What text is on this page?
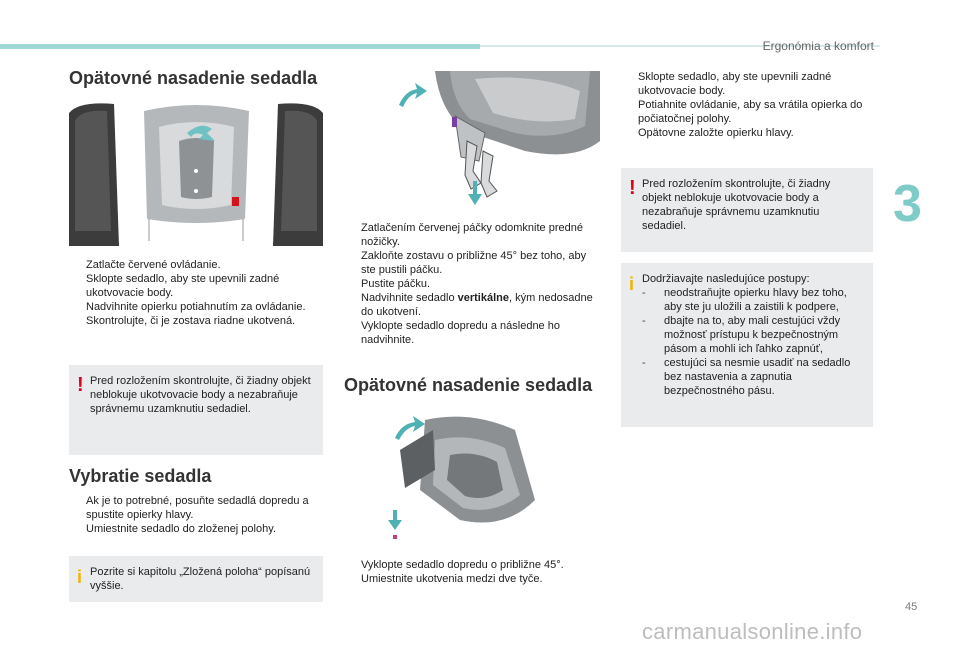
Ergonómia a komfort
3
Opätovné nasadenie sedadla
Zatlačte červené ovládanie.
Sklopte sedadlo, aby ste upevnili zadné ukotvovacie body.
Nadvihnite opierku potiahnutím za ovládanie.
Skontrolujte, či je zostava riadne ukotvená.
! Pred rozložením skontrolujte, či žiadny objekt neblokuje ukotvovacie body a nezabraňuje správnemu uzamknutiu sedadiel.
Vybratie sedadla
Ak je to potrebné, posuňte sedadlá dopredu a spustite opierky hlavy.
Umiestnite sedadlo do zloženej polohy.
i Pozrite si kapitolu „Zložená poloha“ popísanú vyššie.
Zatlačením červenej páčky odomknite predné nožičky.
Zakloňte zostavu o približne 45° bez toho, aby ste pustili páčku.
Pustite páčku.
Nadvihnite sedadlo vertikálne, kým nedosadne do ukotvení.
Vyklopte sedadlo dopredu a následne ho nadvihnite.
Opätovné nasadenie sedadla
Vyklopte sedadlo dopredu o približne 45°.
Umiestnite ukotvenia medzi dve tyče.
Sklopte sedadlo, aby ste upevnili zadné ukotvovacie body.
Potiahnite ovládanie, aby sa vrátila opierka do počiatočnej polohy.
Opätovne založte opierku hlavy.
! Pred rozložením skontrolujte, či žiadny objekt neblokuje ukotvovacie body a nezabraňuje správnemu uzamknutiu sedadiel.
i Dodržiavajte nasledujúce postupy:
- neodstraňujte opierku hlavy bez toho, aby ste ju uložili a zaistili k podpere,
- dbajte na to, aby mali cestujúci vždy možnosť prístupu k bezpečnostným pásom a mohli ich ľahko zapnúť,
- cestujúci sa nesmie usadiť na sedadlo bez nastavenia a zapnutia bezpečnostného pásu.
45
carmanualsonline.info
